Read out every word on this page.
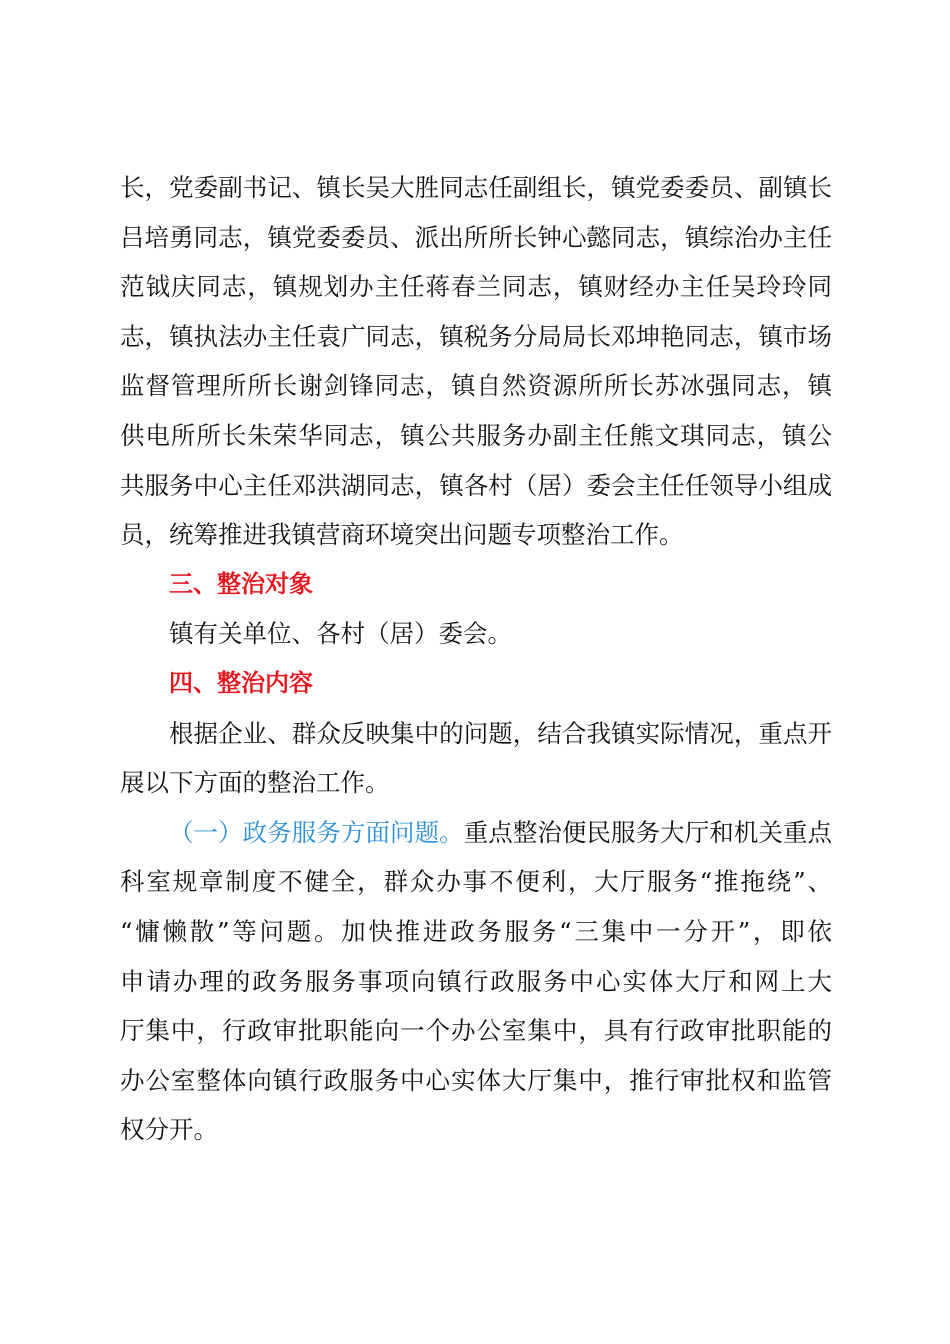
长，党委副书记、镇长吴大胜同志任副组长，镇党委委员、副镇长
吕培勇同志，镇党委委员、派出所所长钟心懿同志，镇综治办主任
范钺庆同志，镇规划办主任蒋春兰同志，镇财经办主任吴玲玲同
志，镇执法办主任袁广同志，镇税务分局局长邓坤艳同志，镇市场
监督管理所所长谢剑锋同志，镇自然资源所所长苏冰强同志，镇
供电所所长朱荣华同志，镇公共服务办副主任熊文琪同志，镇公
共服务中心主任邓洪湖同志，镇各村（居）委会主任任领导小组成
员，统筹推进我镇营商环境突出问题专项整治工作。

三、整治对象

镇有关单位、各村（居）委会。

四、整治内容

根据企业、群众反映集中的问题，结合我镇实际情况，重点开
展以下方面的整治工作。

（一）政务服务方面问题。重点整治便民服务大厅和机关重点
科室规章制度不健全，群众办事不便利，大厅服务“推拖绕”、
“慵懒散”等问题。加快推进政务服务“三集中一分开”，即依
申请办理的政务服务事项向镇行政服务中心实体大厅和网上大
厅集中，行政审批职能向一个办公室集中，具有行政审批职能的
办公室整体向镇行政服务中心实体大厅集中，推行审批权和监管
权分开。
